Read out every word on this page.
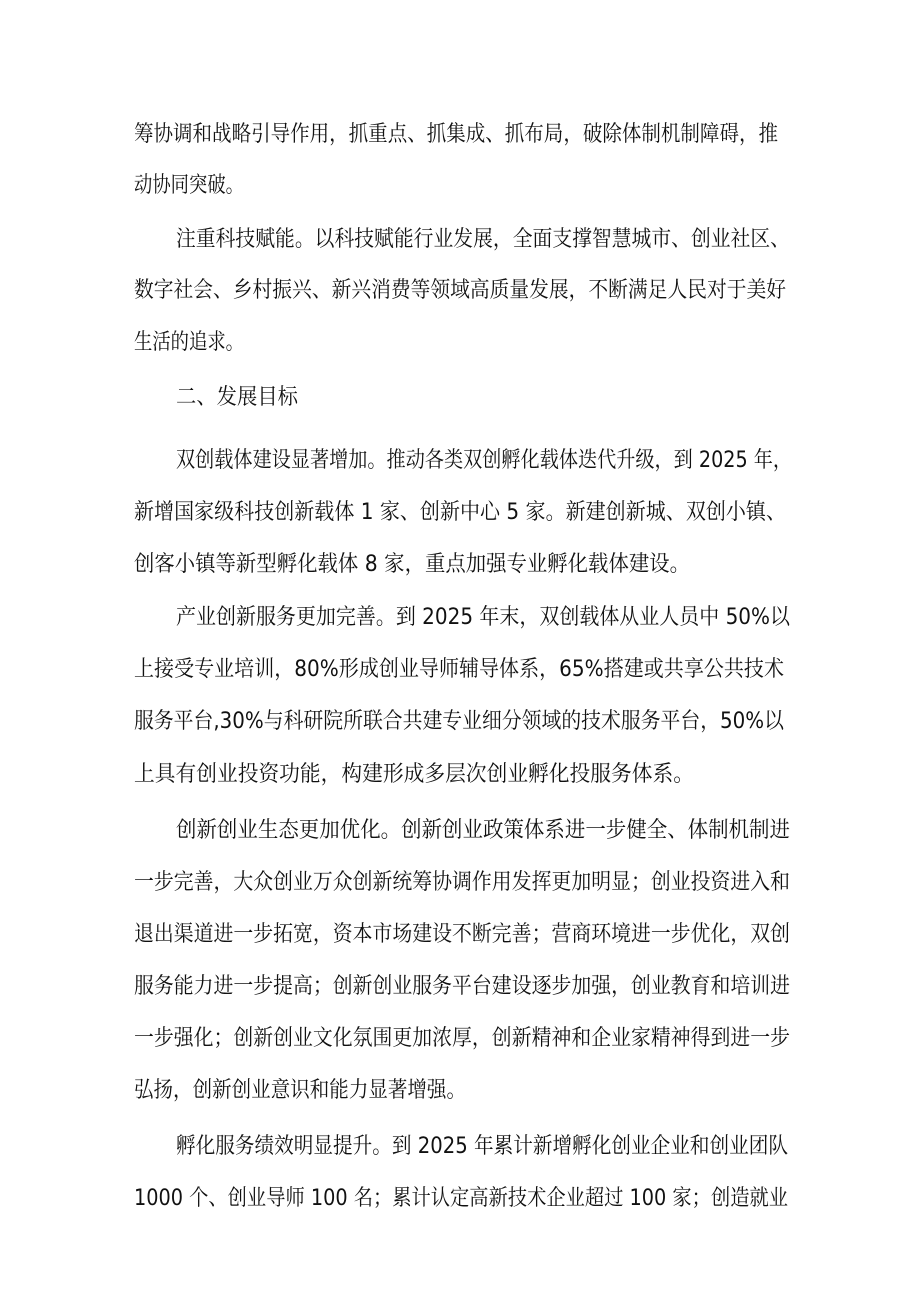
筹协调和战略引导作用，抓重点、抓集成、抓布局，破除体制机制障碍，推
动协同突破。
注重科技赋能。以科技赋能行业发展，全面支撑智慧城市、创业社区、
数字社会、乡村振兴、新兴消费等领域高质量发展，不断满足人民对于美好
生活的追求。
二、发展目标
双创载体建设显著增加。推动各类双创孵化载体迭代升级，到 2025 年，
新增国家级科技创新载体 1 家、创新中心 5 家。新建创新城、双创小镇、
创客小镇等新型孵化载体 8 家，重点加强专业孵化载体建设。
产业创新服务更加完善。到 2025 年末，双创载体从业人员中 50%以
上接受专业培训，80%形成创业导师辅导体系，65%搭建或共享公共技术
服务平台,30%与科研院所联合共建专业细分领域的技术服务平台，50%以
上具有创业投资功能，构建形成多层次创业孵化投服务体系。
创新创业生态更加优化。创新创业政策体系进一步健全、体制机制进
一步完善，大众创业万众创新统筹协调作用发挥更加明显；创业投资进入和
退出渠道进一步拓宽，资本市场建设不断完善；营商环境进一步优化，双创
服务能力进一步提高；创新创业服务平台建设逐步加强，创业教育和培训进
一步强化；创新创业文化氛围更加浓厚，创新精神和企业家精神得到进一步
弘扬，创新创业意识和能力显著增强。
孵化服务绩效明显提升。到 2025 年累计新增孵化创业企业和创业团队
1000 个、创业导师 100 名；累计认定高新技术企业超过 100 家；创造就业
